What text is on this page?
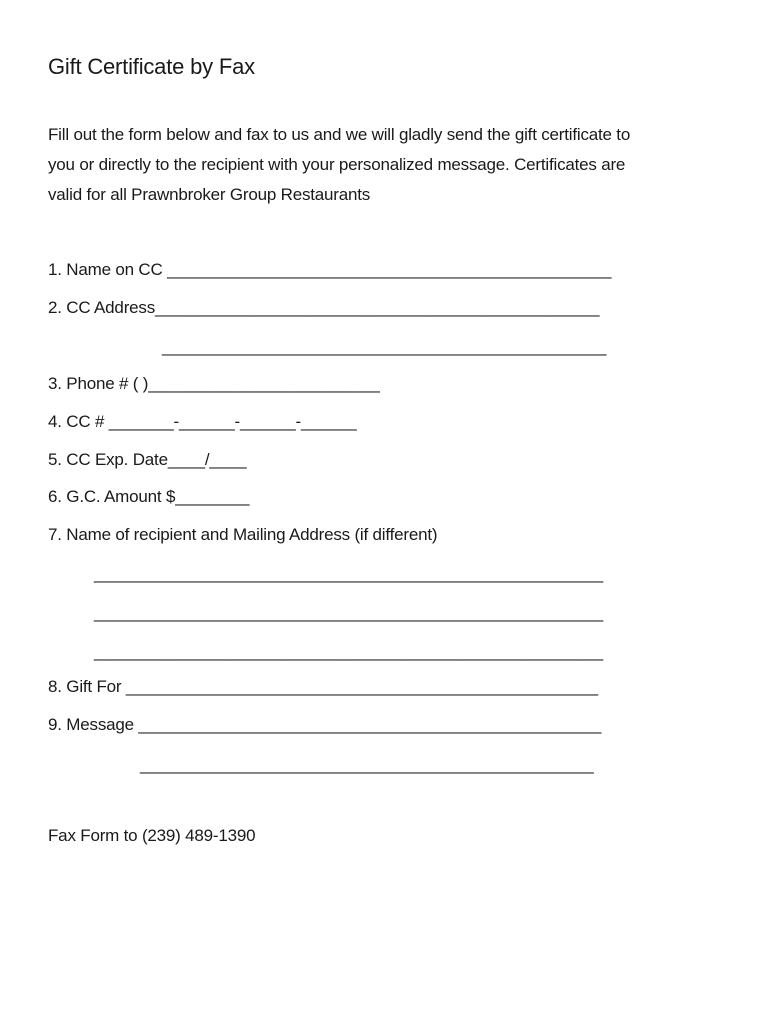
Gift Certificate by Fax
Fill out the form below and fax to us and we will gladly send the gift certificate to
you or directly to the recipient with your personalized message. Certificates are
valid for all Prawnbroker Group Restaurants
1. Name on CC ________________________________________________
2. CC Address________________________________________________
________________________________________________
3. Phone # ( )_________________________
4. CC # _______-______-______-______
5. CC Exp. Date____/____
6. G.C. Amount $________
7. Name of recipient and Mailing Address (if different)
_______________________________________________________
_______________________________________________________
_______________________________________________________
8. Gift For ___________________________________________________
9. Message __________________________________________________
_________________________________________________
Fax Form to (239) 489-1390
